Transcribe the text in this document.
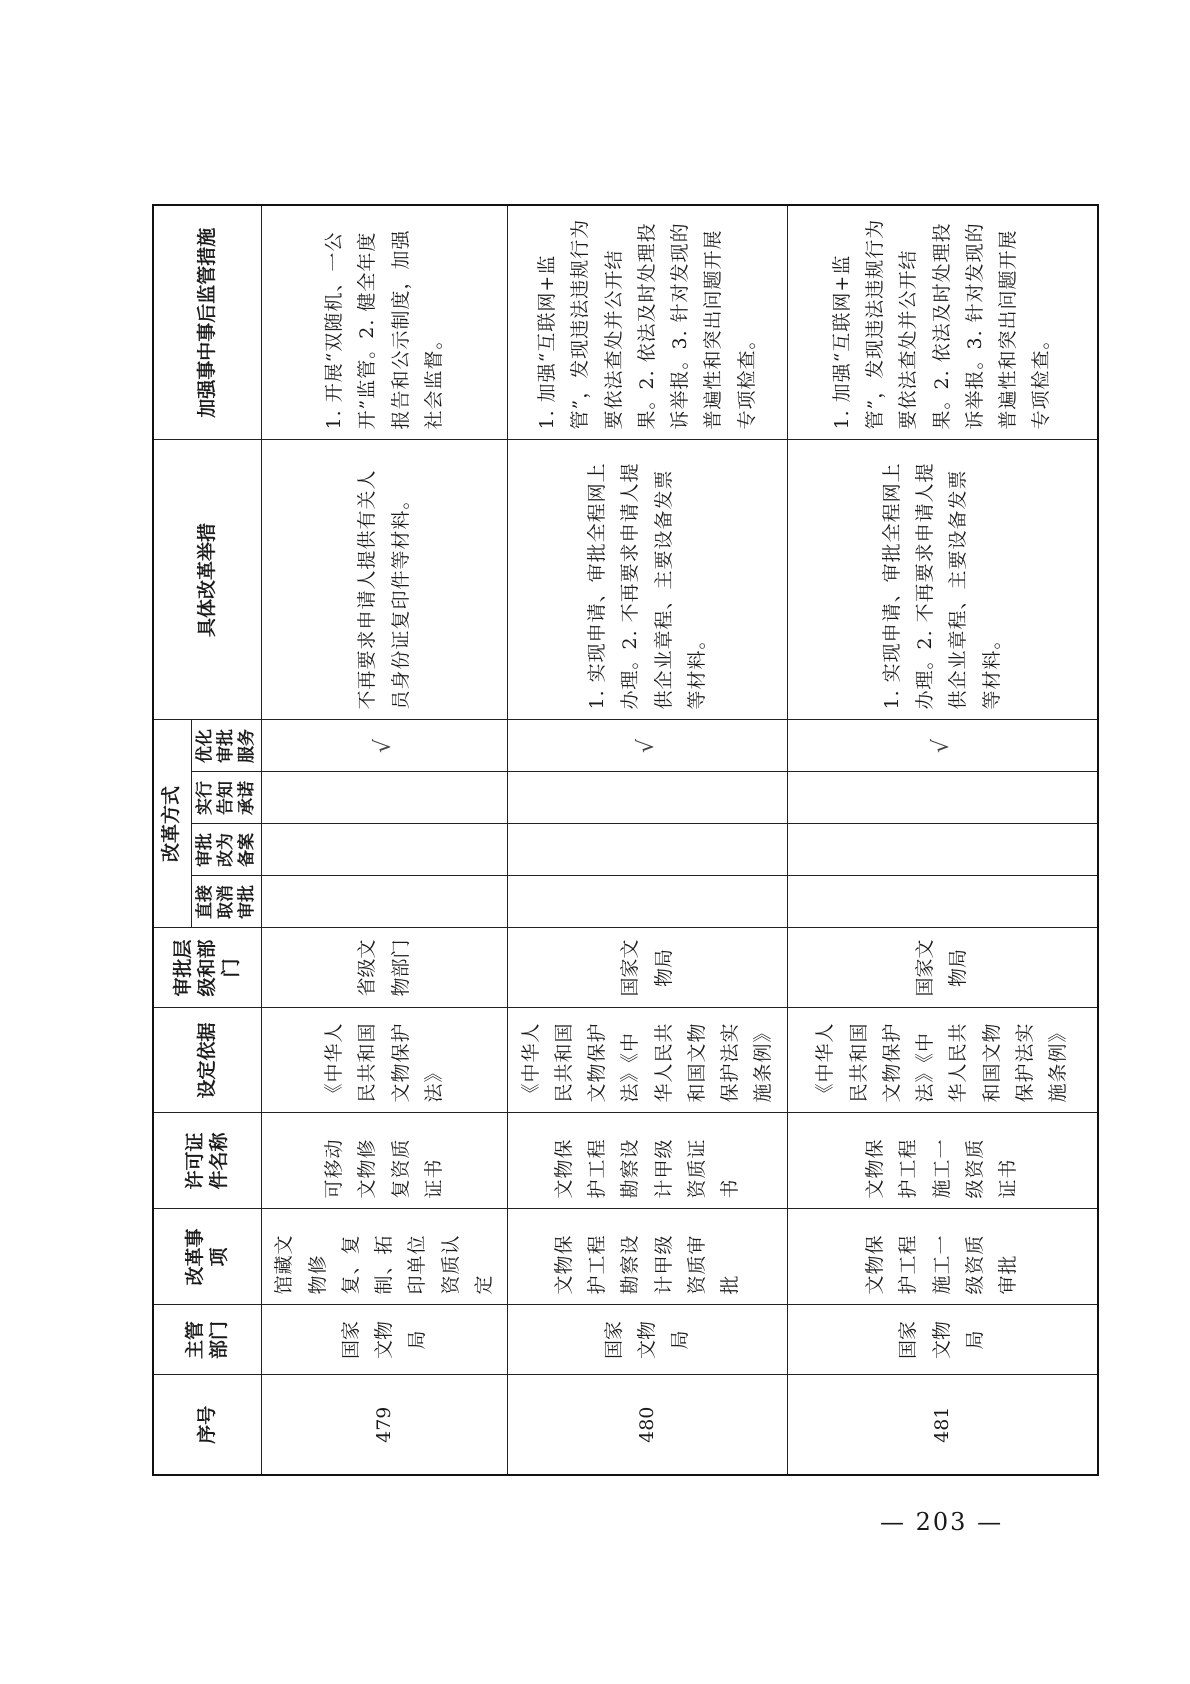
序号	主管部门	改革事项	许可证件名称	设定依据	审批层级和部门	改革方式				具体改革举措	加强事中事后监管措施
						直接取消审批	审批改为备案	实行告知承诺	优化审批服务		
479	国家文物局	馆藏文物修复、复制、拓印单位资质认定	可移动文物修复资质证书	《中华人民共和国文物保护法》	省级文物部门				√	不再要求申请人提供有关人员身份证复印件等材料。	1. 开展“双随机、一公开”监管。2. 健全年度报告和公示制度，加强社会监督。
480	国家文物局	文物保护工程勘察设计甲级资质审批	文物保护工程勘察设计甲级资质证书	《中华人民共和国文物保护法》《中华人民共和国文物保护法实施条例》	国家文物局				√	1. 实现申请、审批全程网上办理。2. 不再要求申请人提供企业章程、主要设备发票等材料。	1. 加强“互联网+监管”，发现违法违规行为要依法查处并公开结果。2. 依法及时处理投诉举报。3. 针对发现的普遍性和突出问题开展专项检查。
481	国家文物局	文物保护工程施工一级资质审批	文物保护工程施工一级资质证书	《中华人民共和国文物保护法》《中华人民共和国文物保护法实施条例》	国家文物局				√	1. 实现申请、审批全程网上办理。2. 不再要求申请人提供企业章程、主要设备发票等材料。	1. 加强“互联网+监管”，发现违法违规行为要依法查处并公开结果。2. 依法及时处理投诉举报。3. 针对发现的普遍性和突出问题开展专项检查。
— 203 —
